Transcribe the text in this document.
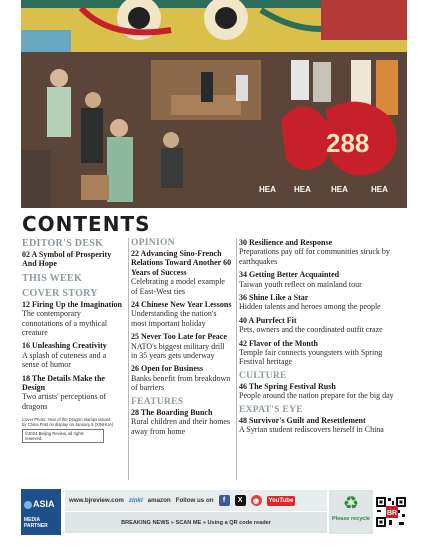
288
HEA HEA	HEA	HEA
CONTENTS
EDITOR'S DESK
02 A Symbol of Prosperity And Hope
THIS WEEK
COVER STORY
12 Firing Up the Imagination
The contemporary connotations of a mythical creature
16 Unleashing Creativity
A splash of cuteness and a sense of humor
18 The Details Make the Design
Two artists' perceptions of dragons
Cover Photo: Year of the Dragon stamps issued by China Post on display on January 5 (XINHUA)
©2024 Beijing Review, all rights reserved.
OPINION
22 Advancing Sino-French Relations Toward Another 60 Years of Success
Celebrating a model example of East-West ties
24 Chinese New Year Lessons
Understanding the nation's most important holiday
25 Never Too Late for Peace
NATO's biggest military drill in 35 years gets underway
26 Open for Business
Banks benefit from breakdown of barriers
FEATURES
28 The Boarding Bunch
Rural children and their homes away from home
30 Resilience and Response
Preparations pay off for communities struck by earthquakes
34 Getting Better Acquainted
Taiwan youth reflect on mainland tour
36 Shine Like a Star
Hidden talents and heroes among the people
40 A Purrfect Fit
Pets, owners and the coordinated outfit craze
42 Flavor of the Month
Temple fair connects youngsters with Spring Festival heritage
CULTURE
46 The Spring Festival Rush
People around the nation prepare for the big day
EXPAT'S EYE
48 Survivor's Guilt and Resettlement
A Syrian student rediscovers herself in China
ASIA
MEDIA PARTNER
www.bjreview.com zinkl amazon Follow us on	f	X	◉	YouTube
BREAKING NEWS » SCAN ME » Using a QR code reader
♻
Please recycle
BR
